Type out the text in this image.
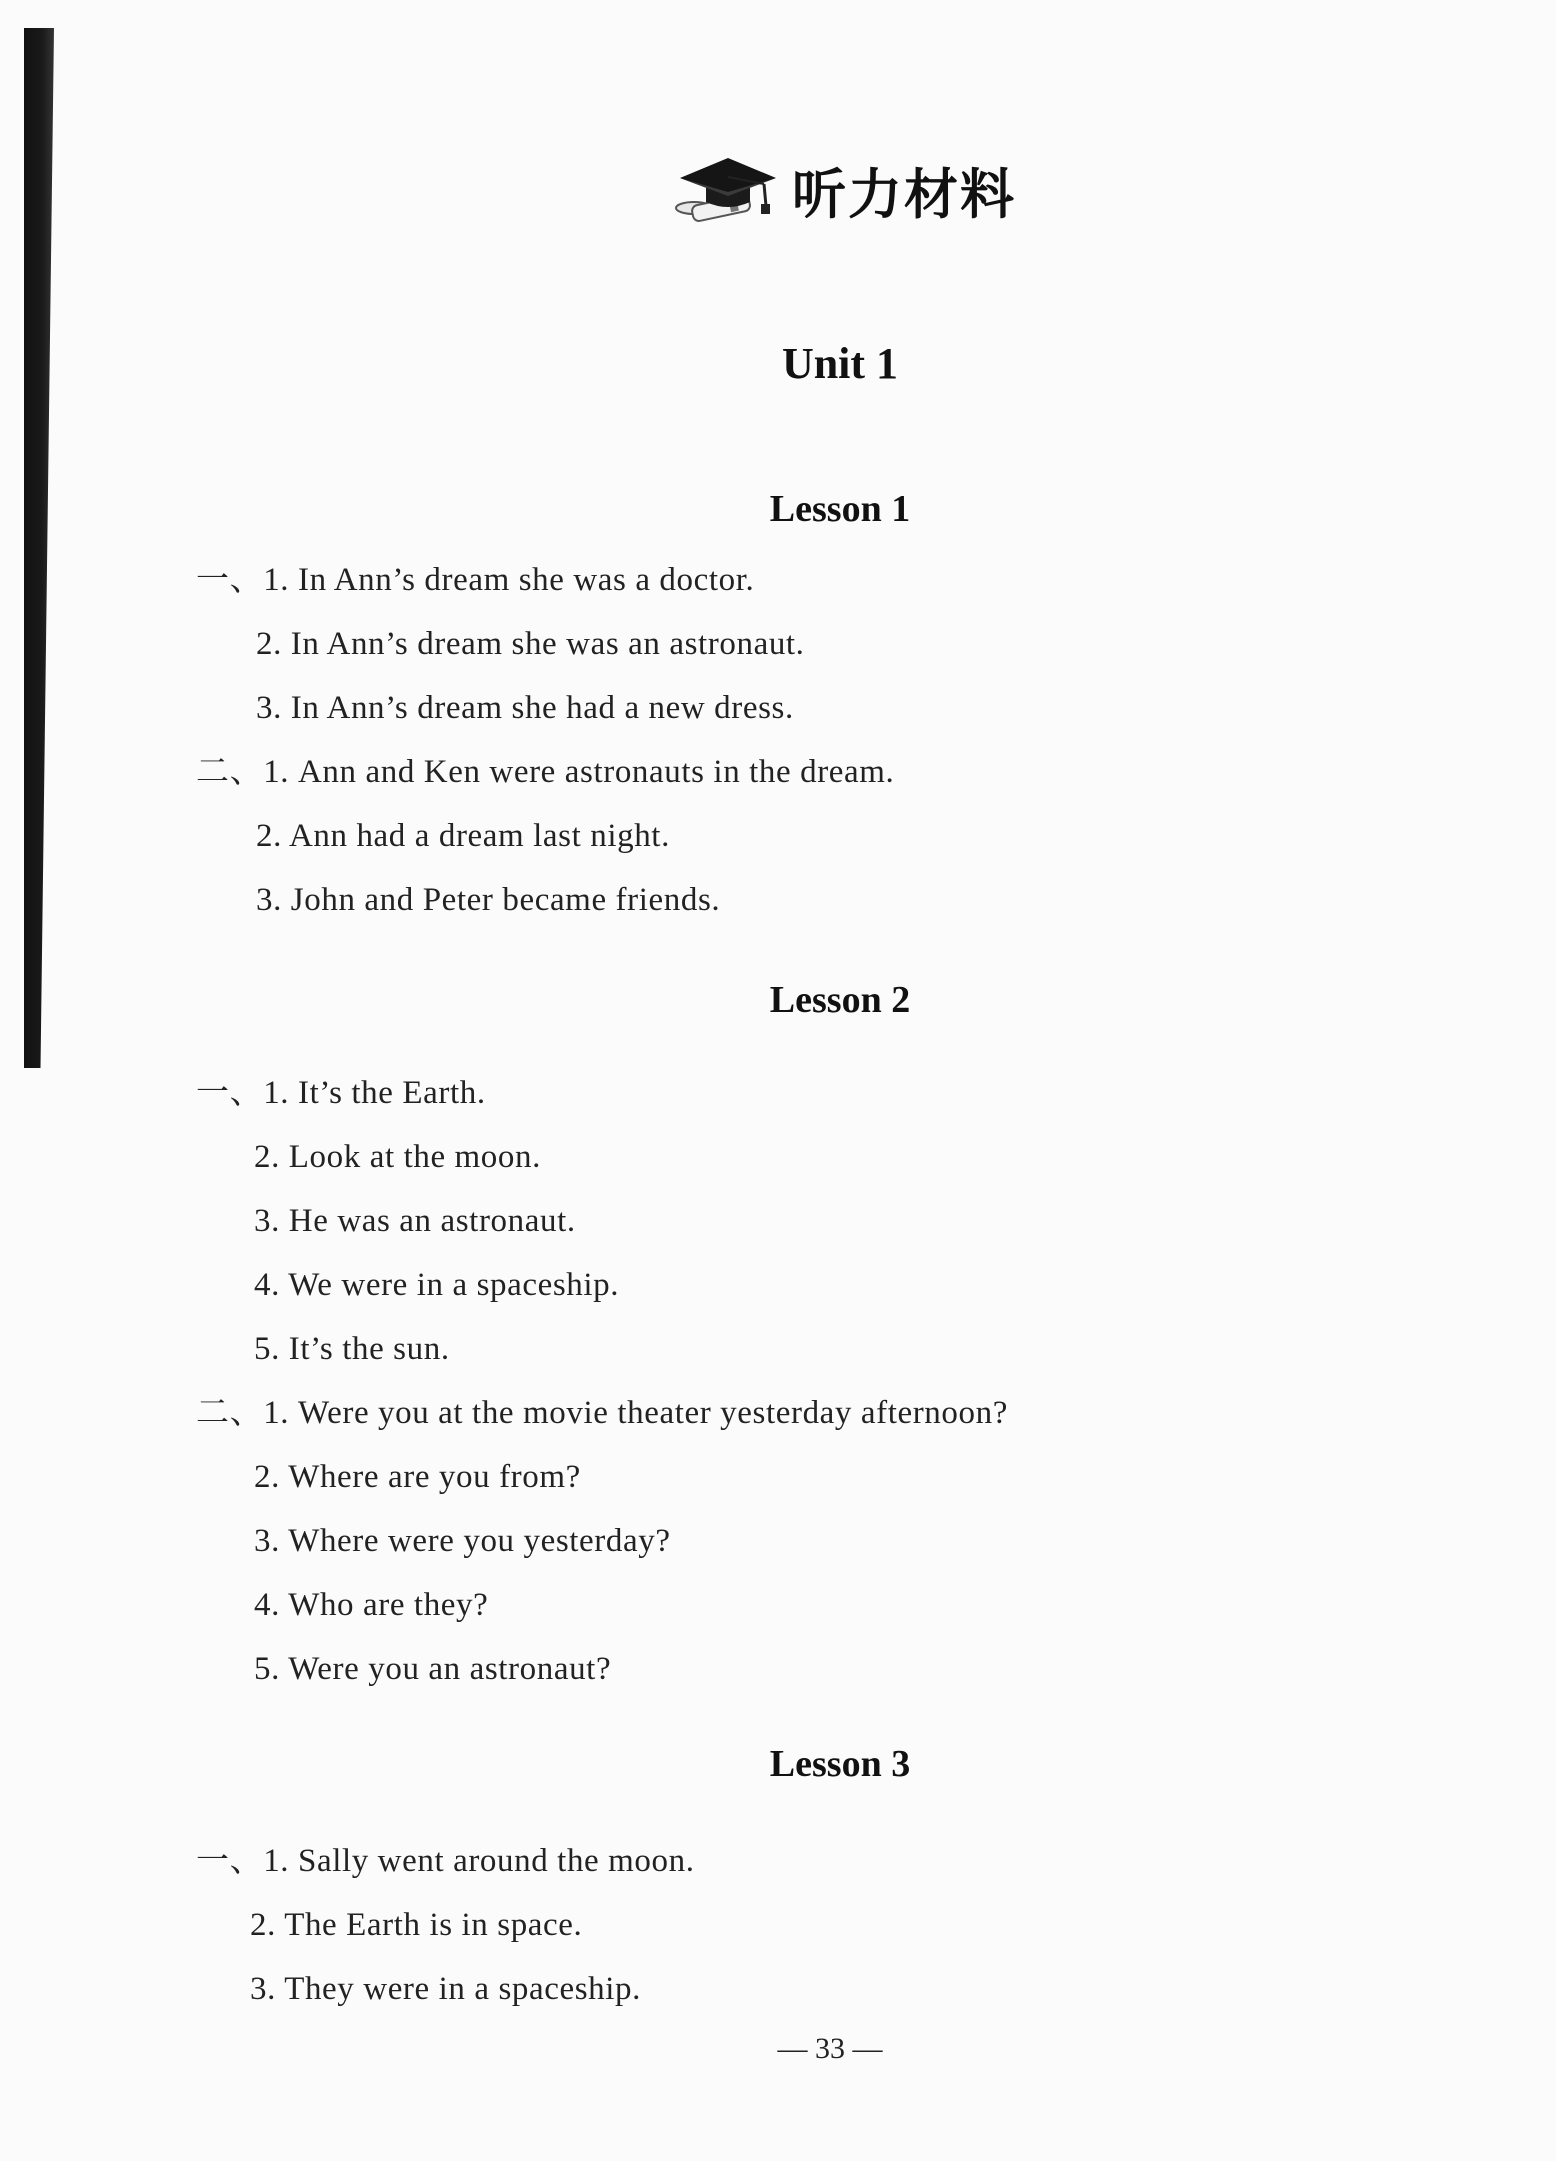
听力材料
Unit 1
Lesson 1
一、1. In Ann’s dream she was a doctor.
2. In Ann’s dream she was an astronaut.
3. In Ann’s dream she had a new dress.
二、1. Ann and Ken were astronauts in the dream.
2. Ann had a dream last night.
3. John and Peter became friends.
Lesson 2
一、1. It’s the Earth.
2. Look at the moon.
3. He was an astronaut.
4. We were in a spaceship.
5. It’s the sun.
二、1. Were you at the movie theater yesterday afternoon?
2. Where are you from?
3. Where were you yesterday?
4. Who are they?
5. Were you an astronaut?
Lesson 3
一、1. Sally went around the moon.
2. The Earth is in space.
3. They were in a spaceship.
— 33 —
